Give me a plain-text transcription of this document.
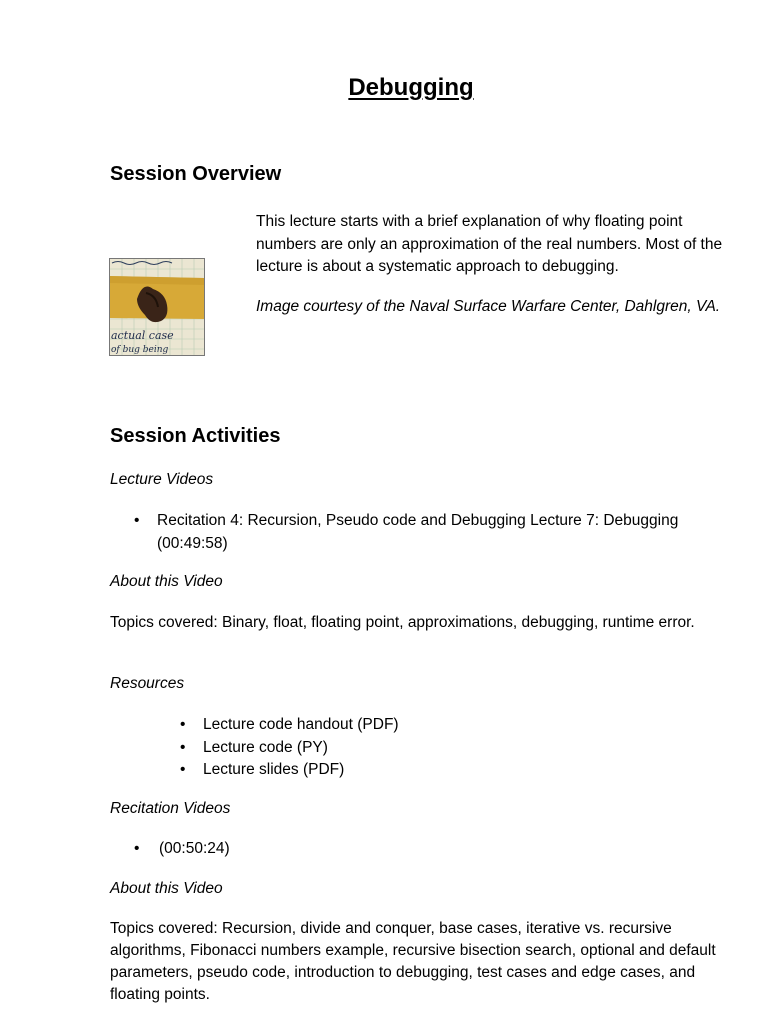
Debugging
Session Overview
actual case
of bug being

This lecture starts with a brief explanation of why floating point numbers are only an approximation of the real numbers. Most of the lecture is about a systematic approach to debugging.

Image courtesy of the Naval Surface Warfare Center, Dahlgren, VA.

Session Activities
Lecture Videos
• Recitation 4: Recursion, Pseudo code and Debugging Lecture 7: Debugging (00:49:58)
About this Video
Topics covered: Binary, float, floating point, approximations, debugging, runtime error.
Resources
• Lecture code handout (PDF)
• Lecture code (PY)
• Lecture slides (PDF)
Recitation Videos
• (00:50:24)
About this Video
Topics covered: Recursion, divide and conquer, base cases, iterative vs. recursive algorithms, Fibonacci numbers example, recursive bisection search, optional and default parameters, pseudo code, introduction to debugging, test cases and edge cases, and floating points.
